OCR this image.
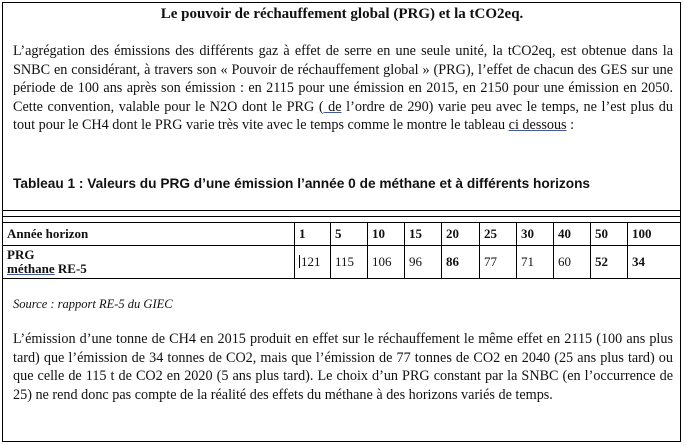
Le pouvoir de réchauffement global (PRG) et la tCO2eq.

L’agrégation des émissions des différents gaz à effet de serre en une seule unité, la tCO2eq, est obtenue dans la SNBC en considérant, à travers son « Pouvoir de réchauffement global » (PRG), l’effet de chacun des GES sur une période de 100 ans après son émission : en 2115 pour une émission en 2015, en 2150 pour une émission en 2050. Cette convention, valable pour le N2O dont le PRG ( de l’ordre de 290) varie peu avec le temps, ne l’est plus du tout pour le CH4 dont le PRG varie très vite avec le temps comme le montre le tableau ci dessous :

Tableau 1 : Valeurs du PRG d’une émission l’année 0 de méthane et à différents horizons
Année horizon	1	5	10	15	20	25	30	40	50	100

PRG
méthane RE-5	121	115	106	96	86	77	71	60	52	34
Source : rapport RE-5 du GIEC

L’émission d’une tonne de CH4 en 2015 produit en effet sur le réchauffement le même effet en 2115 (100 ans plus tard) que l’émission de 34 tonnes de CO2, mais que l’émission de 77 tonnes de CO2 en 2040 (25 ans plus tard) ou que celle de 115 t de CO2 en 2020 (5 ans plus tard). Le choix d’un PRG constant par la SNBC (en l’occurrence de 25) ne rend donc pas compte de la réalité des effets du méthane à des horizons variés de temps.
